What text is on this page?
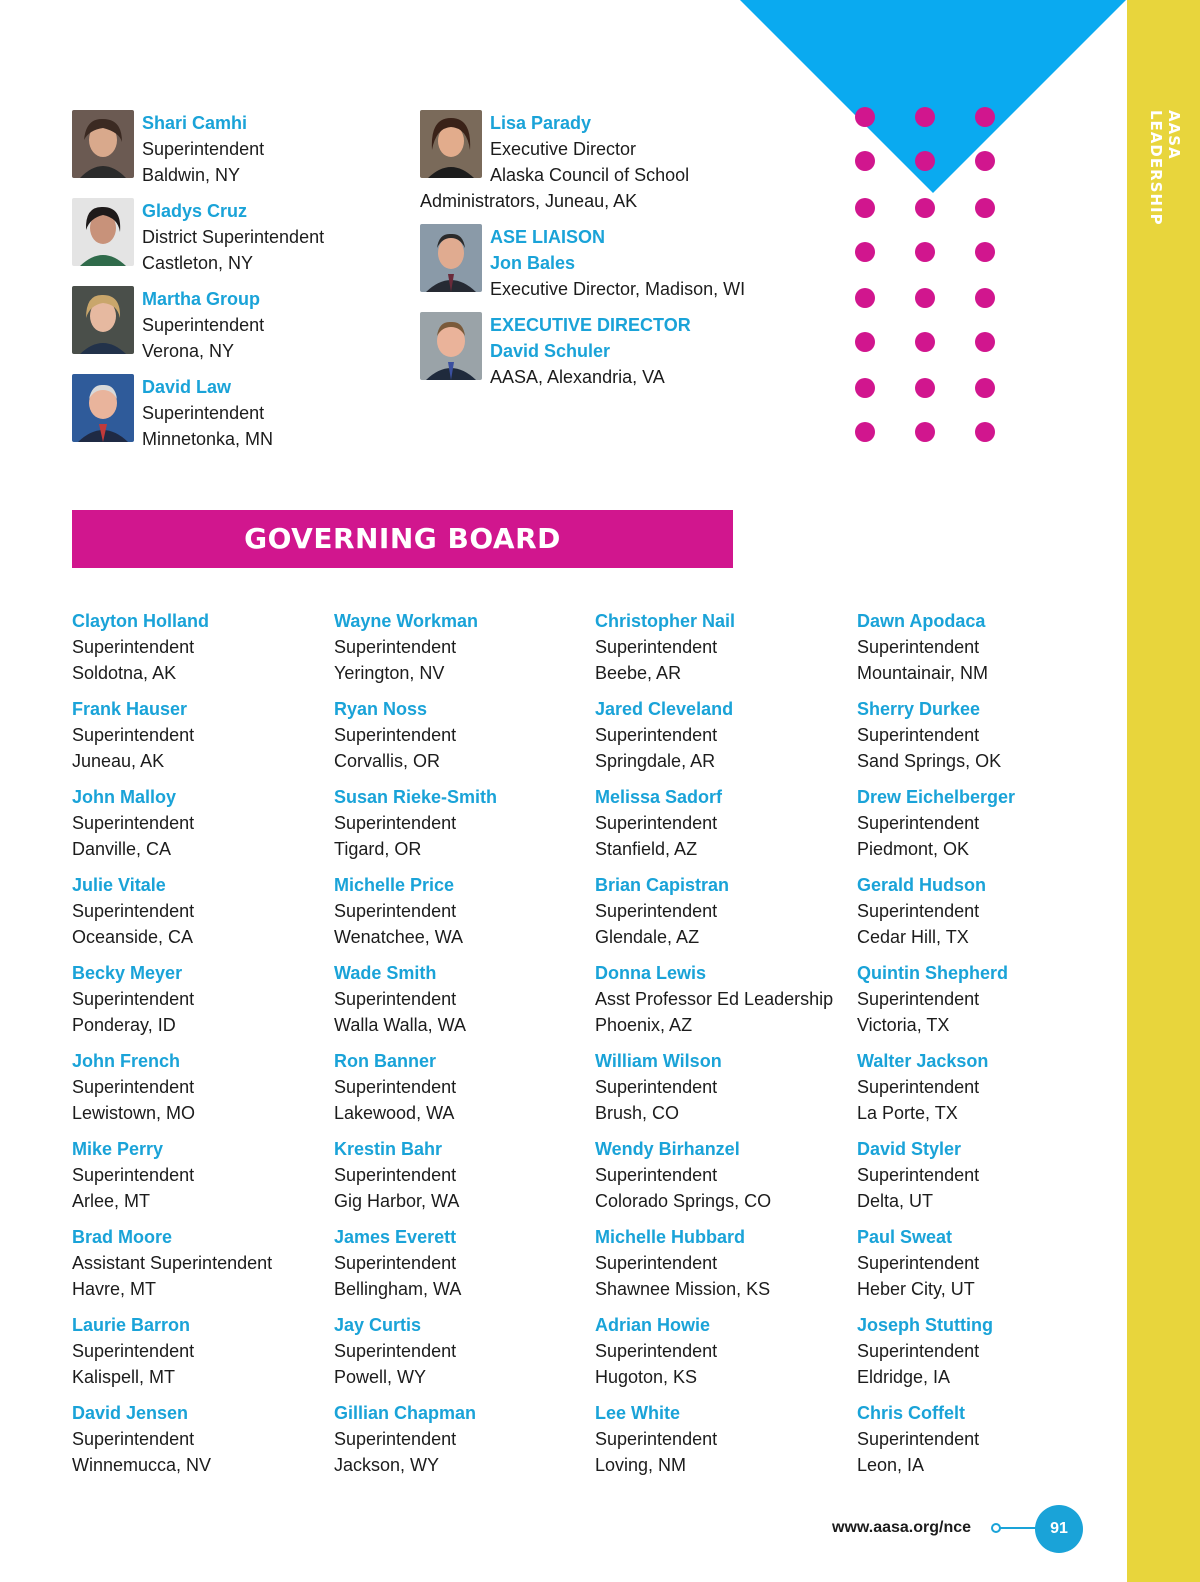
AASA LEADERSHIP
Shari Camhi
Superintendent
Baldwin, NY
Gladys Cruz
District Superintendent
Castleton, NY
Martha Group
Superintendent
Verona, NY
David Law
Superintendent
Minnetonka, MN
Lisa Parady
Executive Director
Alaska Council of School
Administrators, Juneau, AK
ASE LIAISON
Jon Bales
Executive Director, Madison, WI
EXECUTIVE DIRECTOR
David Schuler
AASA, Alexandria, VA
GOVERNING BOARD
Clayton Holland
Superintendent
Soldotna, AK
Frank Hauser
Superintendent
Juneau, AK
John Malloy
Superintendent
Danville, CA
Julie Vitale
Superintendent
Oceanside, CA
Becky Meyer
Superintendent
Ponderay, ID
John French
Superintendent
Lewistown, MO
Mike Perry
Superintendent
Arlee, MT
Brad Moore
Assistant Superintendent
Havre, MT
Laurie Barron
Superintendent
Kalispell, MT
David Jensen
Superintendent
Winnemucca, NV
Wayne Workman
Superintendent
Yerington, NV
Ryan Noss
Superintendent
Corvallis, OR
Susan Rieke-Smith
Superintendent
Tigard, OR
Michelle Price
Superintendent
Wenatchee, WA
Wade Smith
Superintendent
Walla Walla, WA
Ron Banner
Superintendent
Lakewood, WA
Krestin Bahr
Superintendent
Gig Harbor, WA
James Everett
Superintendent
Bellingham, WA
Jay Curtis
Superintendent
Powell, WY
Gillian Chapman
Superintendent
Jackson, WY
Christopher Nail
Superintendent
Beebe, AR
Jared Cleveland
Superintendent
Springdale, AR
Melissa Sadorf
Superintendent
Stanfield, AZ
Brian Capistran
Superintendent
Glendale, AZ
Donna Lewis
Asst Professor Ed Leadership
Phoenix, AZ
William Wilson
Superintendent
Brush, CO
Wendy Birhanzel
Superintendent
Colorado Springs, CO
Michelle Hubbard
Superintendent
Shawnee Mission, KS
Adrian Howie
Superintendent
Hugoton, KS
Lee White
Superintendent
Loving, NM
Dawn Apodaca
Superintendent
Mountainair, NM
Sherry Durkee
Superintendent
Sand Springs, OK
Drew Eichelberger
Superintendent
Piedmont, OK
Gerald Hudson
Superintendent
Cedar Hill, TX
Quintin Shepherd
Superintendent
Victoria, TX
Walter Jackson
Superintendent
La Porte, TX
David Styler
Superintendent
Delta, UT
Paul Sweat
Superintendent
Heber City, UT
Joseph Stutting
Superintendent
Eldridge, IA
Chris Coffelt
Superintendent
Leon, IA
www.aasa.org/nce	91
